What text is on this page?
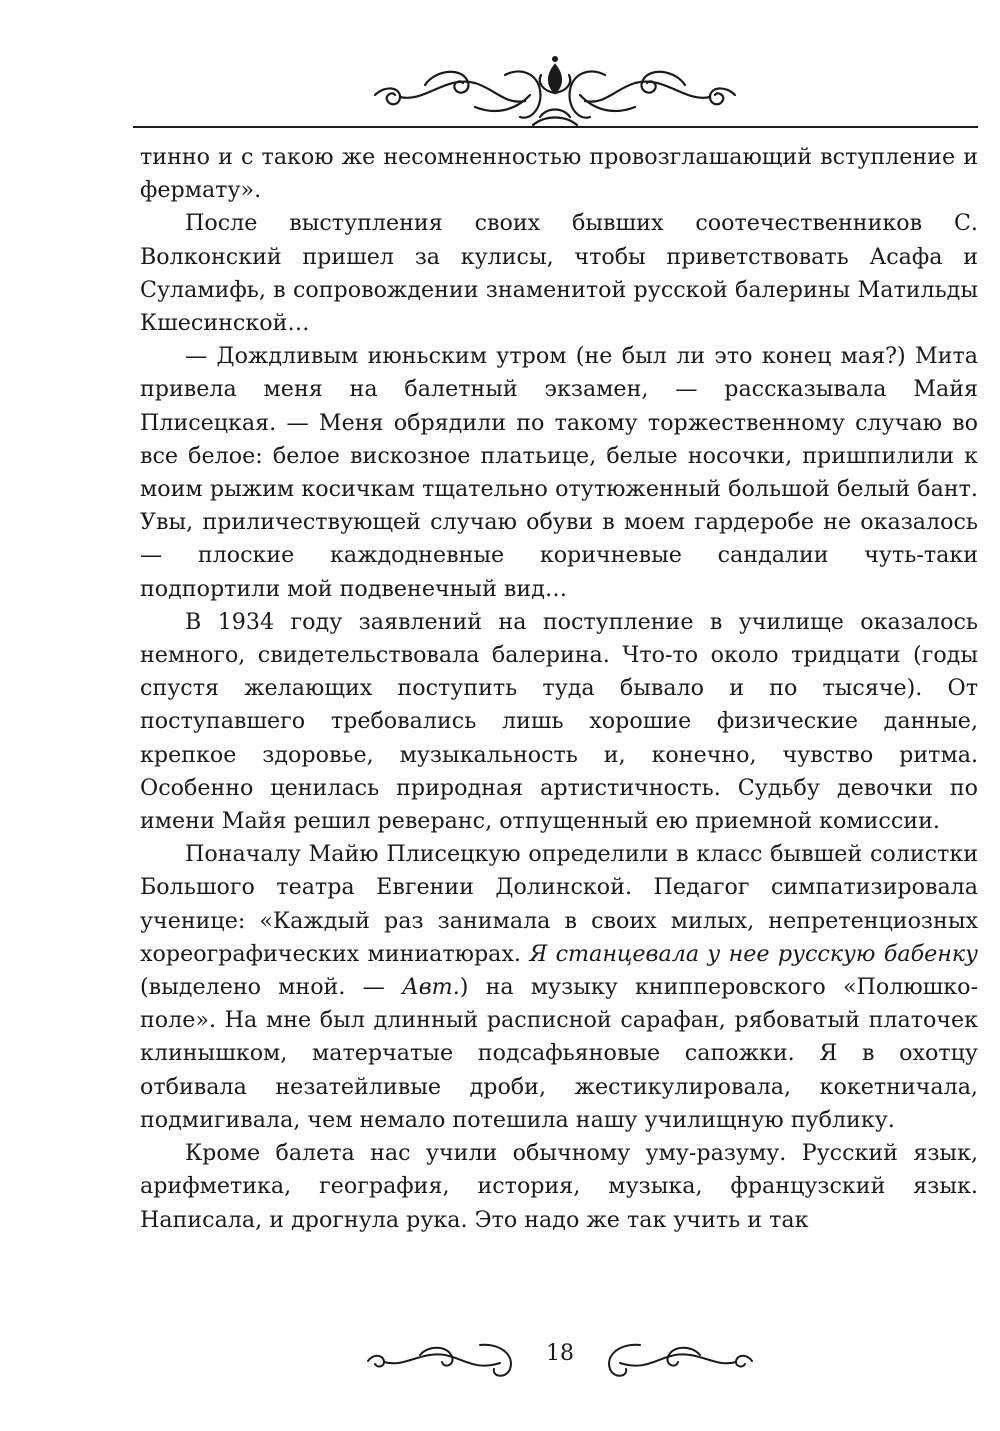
тинно и с такою же несомненностью провозглашающий вступление и фермату».

После выступления своих бывших соотечественников С. Волконский пришел за кулисы, чтобы приветствовать Асафа и Суламифь, в сопровождении знаменитой русской балерины Матильды Кшесинской…

— Дождливым июньским утром (не был ли это конец мая?) Мита привела меня на балетный экзамен, — рассказывала Майя Плисецкая. — Меня обрядили по такому торжественному случаю во все белое: белое вискозное платьице, белые носочки, пришпилили к моим рыжим косичкам тщательно отутюженный большой белый бант. Увы, приличествующей случаю обуви в моем гардеробе не оказалось — плоские каждодневные коричневые сандалии чуть-таки подпортили мой подвенечный вид…

В 1934 году заявлений на поступление в училище оказалось немного, свидетельствовала балерина. Что-то около тридцати (годы спустя желающих поступить туда бывало и по тысяче). От поступавшего требовались лишь хорошие физические данные, крепкое здоровье, музыкальность и, конечно, чувство ритма. Особенно ценилась природная артистичность. Судьбу девочки по имени Майя решил реверанс, отпущенный ею приемной комиссии.

Поначалу Майю Плисецкую определили в класс бывшей солистки Большого театра Евгении Долинской. Педагог симпатизировала ученице: «Каждый раз занимала в своих милых, непретенциозных хореографических миниатюрах. Я станцевала у нее русскую бабенку (выделено мной. — Авт.) на музыку книпперовского «Полюшко-поле». На мне был длинный расписной сарафан, рябоватый платочек клинышком, матерчатые подсафьяновые сапожки. Я в охотцу отбивала незатейливые дроби, жестикулировала, кокетничала, подмигивала, чем немало потешила нашу училищную публику.

Кроме балета нас учили обычному уму-разуму. Русский язык, арифметика, география, история, музыка, французский язык. Написала, и дрогнула рука. Это надо же так учить и так

18
